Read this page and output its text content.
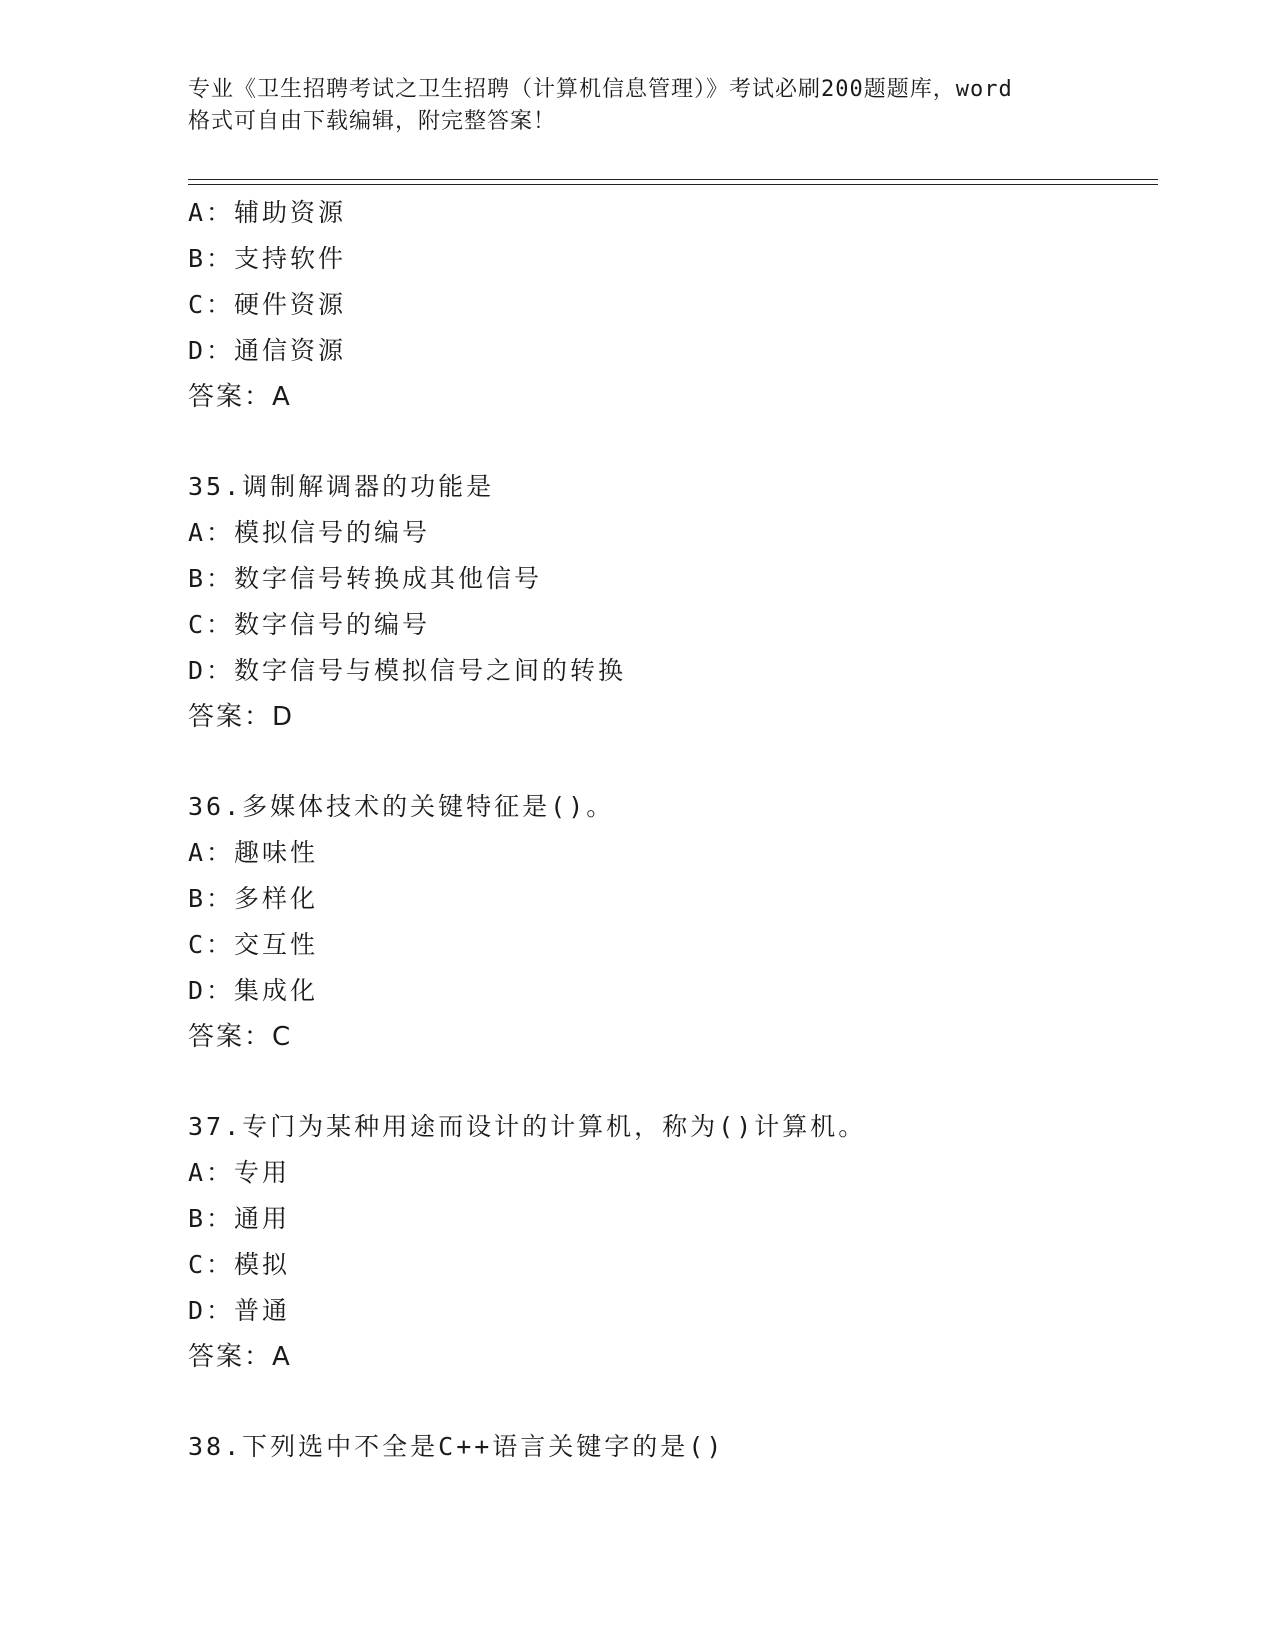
专业《卫生招聘考试之卫生招聘（计算机信息管理）》考试必刷200题题库，word
格式可自由下载编辑，附完整答案！
A：辅助资源
B：支持软件
C：硬件资源
D：通信资源
答案：A
35.调制解调器的功能是
A：模拟信号的编号
B：数字信号转换成其他信号
C：数字信号的编号
D：数字信号与模拟信号之间的转换
答案：D
36.多媒体技术的关键特征是()。
A：趣味性
B：多样化
C：交互性
D：集成化
答案：C
37.专门为某种用途而设计的计算机，称为()计算机。
A：专用
B：通用
C：模拟
D：普通
答案：A
38.下列选中不全是C++语言关键字的是()
